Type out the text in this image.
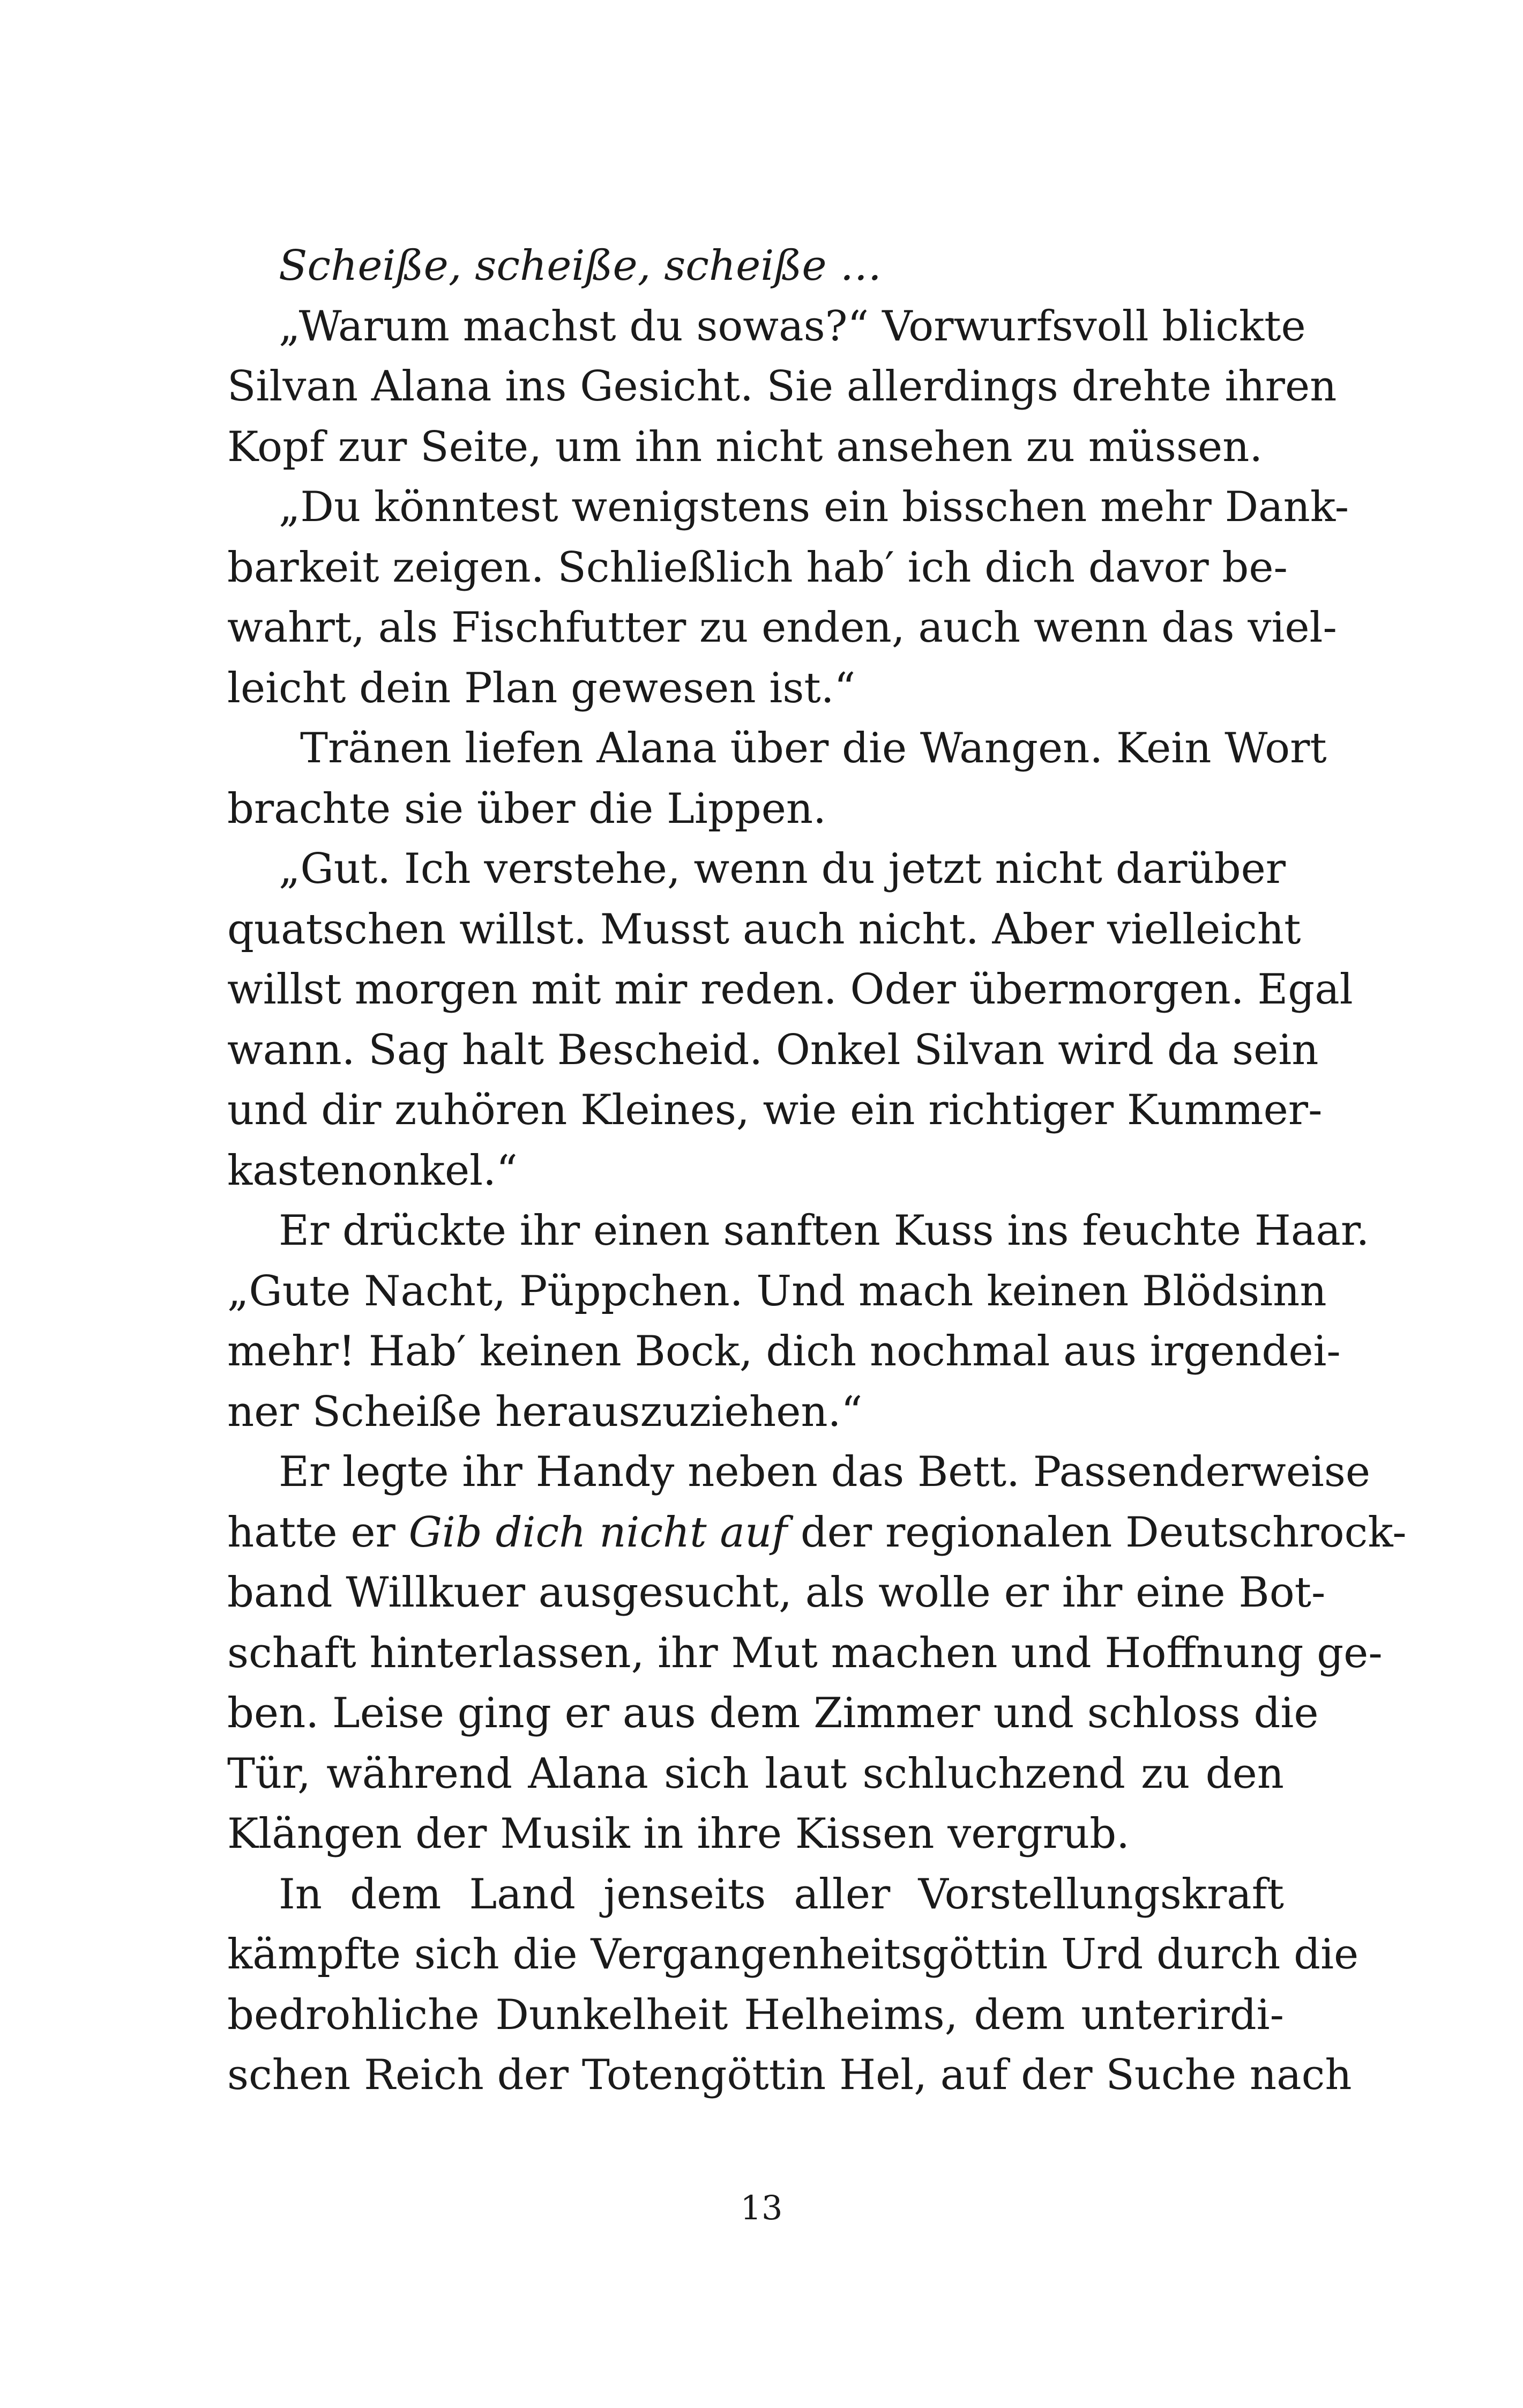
Scheiße, scheiße, scheiße …
„Warum machst du sowas?“ Vorwurfsvoll blickte
Silvan Alana ins Gesicht. Sie allerdings drehte ihren
Kopf zur Seite, um ihn nicht ansehen zu müssen.
„Du könntest wenigstens ein bisschen mehr Dank-
barkeit zeigen. Schließlich hab′ ich dich davor be-
wahrt, als Fischfutter zu enden, auch wenn das viel-
leicht dein Plan gewesen ist.“
Tränen liefen Alana über die Wangen. Kein Wort
brachte sie über die Lippen.
„Gut. Ich verstehe, wenn du jetzt nicht darüber
quatschen willst. Musst auch nicht. Aber vielleicht
willst morgen mit mir reden. Oder übermorgen. Egal
wann. Sag halt Bescheid. Onkel Silvan wird da sein
und dir zuhören Kleines, wie ein richtiger Kummer-
kastenonkel.“
Er drückte ihr einen sanften Kuss ins feuchte Haar.
„Gute Nacht, Püppchen. Und mach keinen Blödsinn
mehr! Hab′ keinen Bock, dich nochmal aus irgendei-
ner Scheiße herauszuziehen.“
Er legte ihr Handy neben das Bett. Passenderweise
hatte er Gib dich nicht auf der regionalen Deutschrock-
band Willkuer ausgesucht, als wolle er ihr eine Bot-
schaft hinterlassen, ihr Mut machen und Hoffnung ge-
ben. Leise ging er aus dem Zimmer und schloss die
Tür, während Alana sich laut schluchzend zu den
Klängen der Musik in ihre Kissen vergrub.
In dem Land jenseits aller Vorstellungskraft
kämpfte sich die Vergangenheitsgöttin Urd durch die
bedrohliche Dunkelheit Helheims, dem unterirdi-
schen Reich der Totengöttin Hel, auf der Suche nach
13
